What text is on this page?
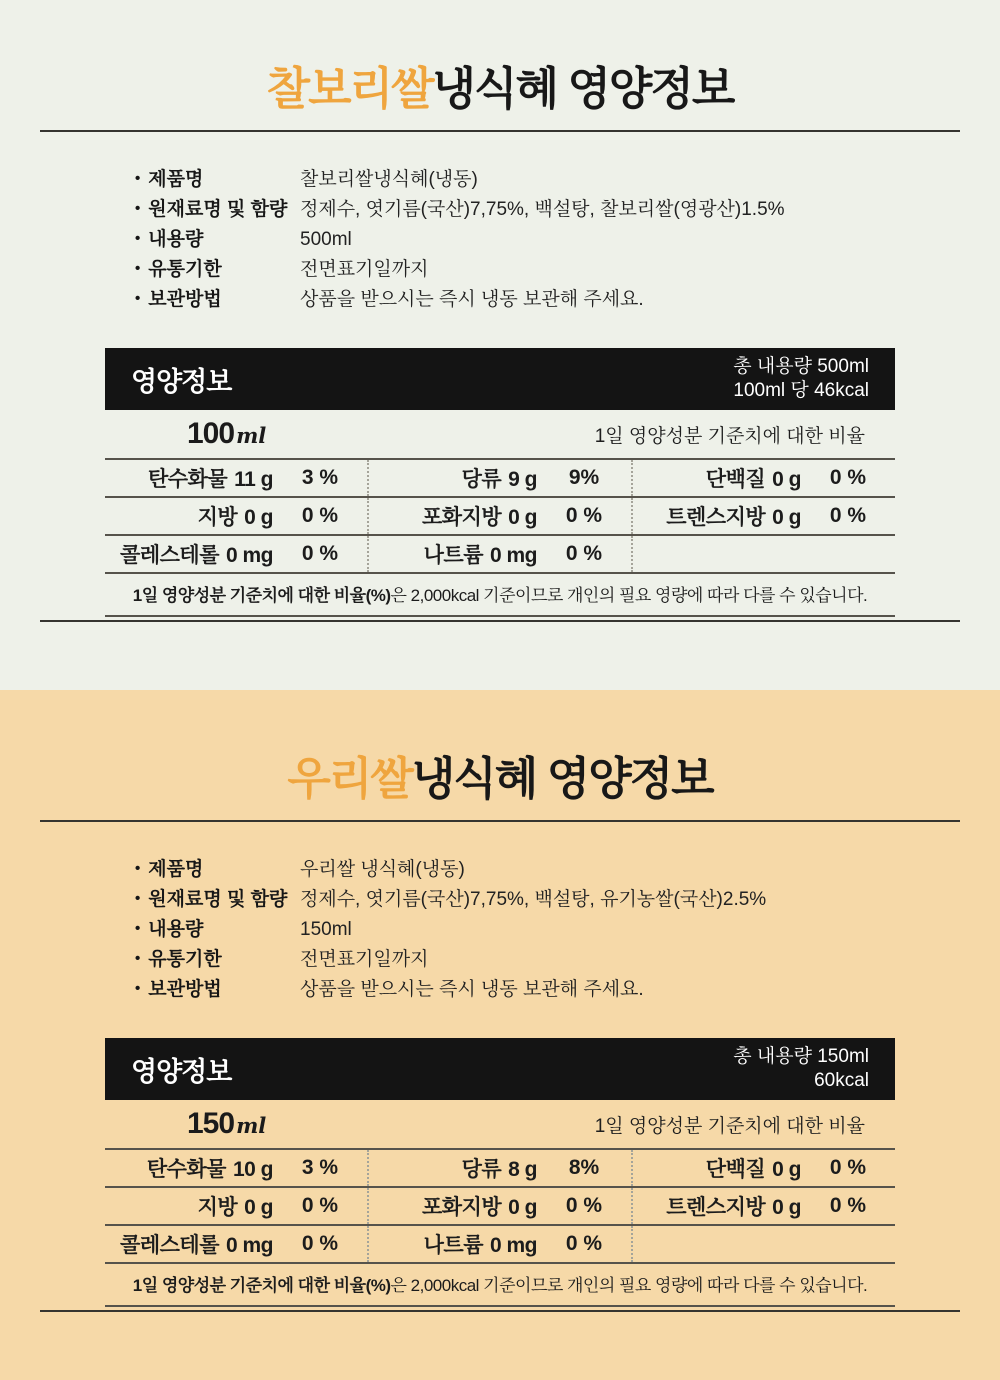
찰보리쌀냉식혜 영양정보
• 제품명	찰보리쌀냉식혜(냉동)
• 원재료명 및 함량 정제수, 엿기름(국산)7,75%, 백설탕, 찰보리쌀(영광산)1.5%
• 내용량	500ml
• 유통기한	전면표기일까지
• 보관방법	상품을 받으시는 즉시 냉동 보관해 주세요.
영양정보	총 내용량 500ml
100ml 당 46kcal
100ml	1일 영양성분 기준치에 대한 비율
탄수화물 11 g	3 %	당류 9 g	9%	단백질 0 g	0 %
지방 0 g	0 %	포화지방 0 g	0 %	트렌스지방 0 g	0 %
콜레스테롤 0 mg	0 %	나트륨 0 mg	0 %
1일 영양성분 기준치에 대한 비율(%)은 2,000kcal 기준이므로 개인의 필요 영량에 따라 다를 수 있습니다.
우리쌀냉식혜 영양정보
• 제품명	우리쌀 냉식혜(냉동)
• 원재료명 및 함량 정제수, 엿기름(국산)7,75%, 백설탕, 유기농쌀(국산)2.5%
• 내용량	150ml
• 유통기한	전면표기일까지
• 보관방법	상품을 받으시는 즉시 냉동 보관해 주세요.
영양정보	총 내용량 150ml
60kcal
150ml	1일 영양성분 기준치에 대한 비율
탄수화물 10 g	3 %	당류 8 g	8%	단백질 0 g	0 %
지방 0 g	0 %	포화지방 0 g	0 %	트렌스지방 0 g	0 %
콜레스테롤 0 mg	0 %	나트륨 0 mg	0 %
1일 영양성분 기준치에 대한 비율(%)은 2,000kcal 기준이므로 개인의 필요 영량에 따라 다를 수 있습니다.
